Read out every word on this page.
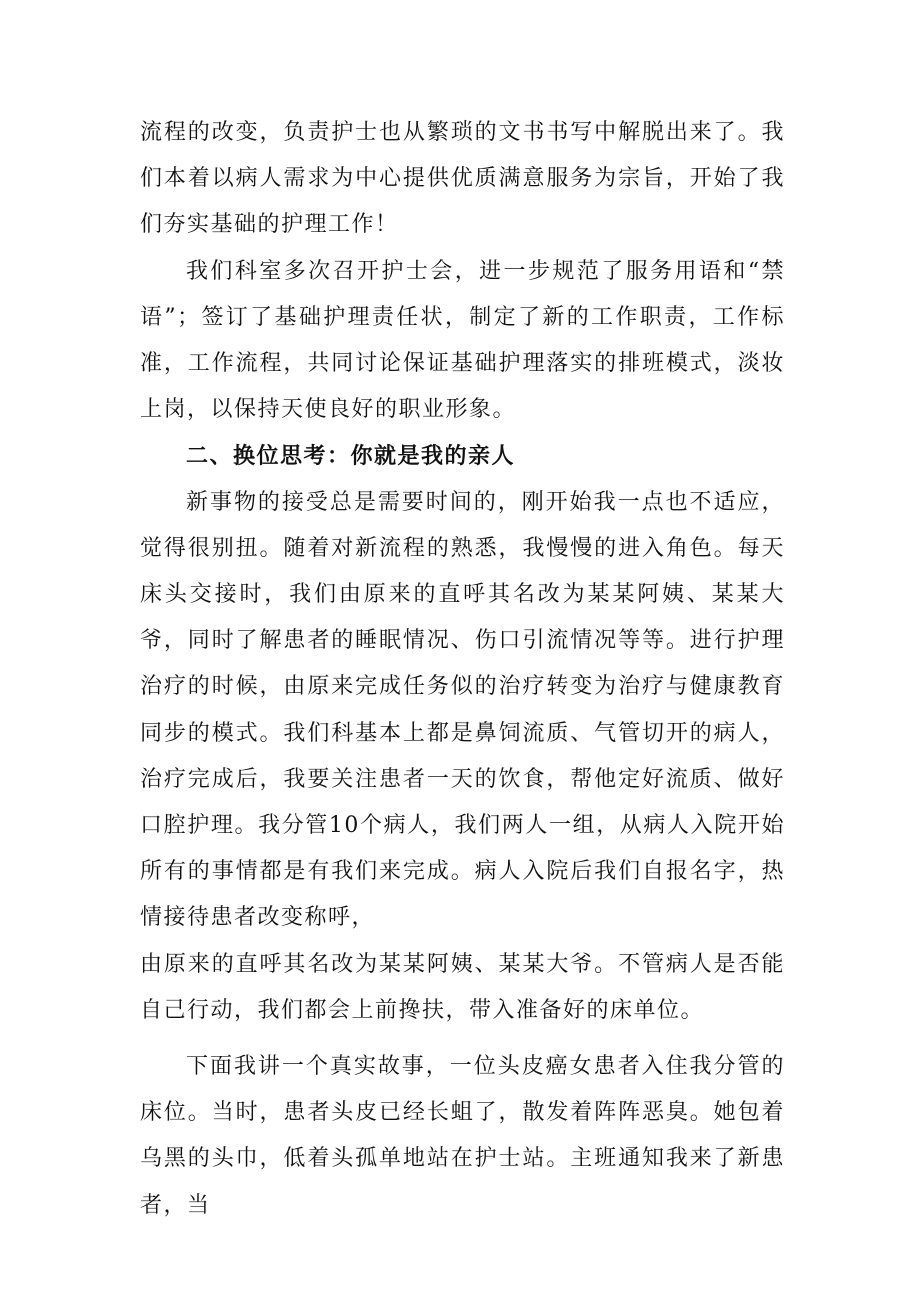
流程的改变，负责护士也从繁琐的文书书写中解脱出来了。我们本着以病人需求为中心提供优质满意服务为宗旨，开始了我们夯实基础的护理工作！

我们科室多次召开护士会，进一步规范了服务用语和“禁语”；签订了基础护理责任状，制定了新的工作职责，工作标准，工作流程，共同讨论保证基础护理落实的排班模式，淡妆上岗，以保持天使良好的职业形象。

二、换位思考：你就是我的亲人

新事物的接受总是需要时间的，刚开始我一点也不适应，觉得很别扭。随着对新流程的熟悉，我慢慢的进入角色。每天床头交接时，我们由原来的直呼其名改为某某阿姨、某某大爷，同时了解患者的睡眠情况、伤口引流情况等等。进行护理治疗的时候，由原来完成任务似的治疗转变为治疗与健康教育同步的模式。我们科基本上都是鼻饲流质、气管切开的病人，治疗完成后，我要关注患者一天的饮食，帮他定好流质、做好口腔护理。我分管10个病人，我们两人一组，从病人入院开始所有的事情都是有我们来完成。病人入院后我们自报名字，热情接待患者改变称呼，

由原来的直呼其名改为某某阿姨、某某大爷。不管病人是否能自己行动，我们都会上前搀扶，带入准备好的床单位。

下面我讲一个真实故事，一位头皮癌女患者入住我分管的床位。当时，患者头皮已经长蛆了，散发着阵阵恶臭。她包着乌黑的头巾，低着头孤单地站在护士站。主班通知我来了新患者，当
